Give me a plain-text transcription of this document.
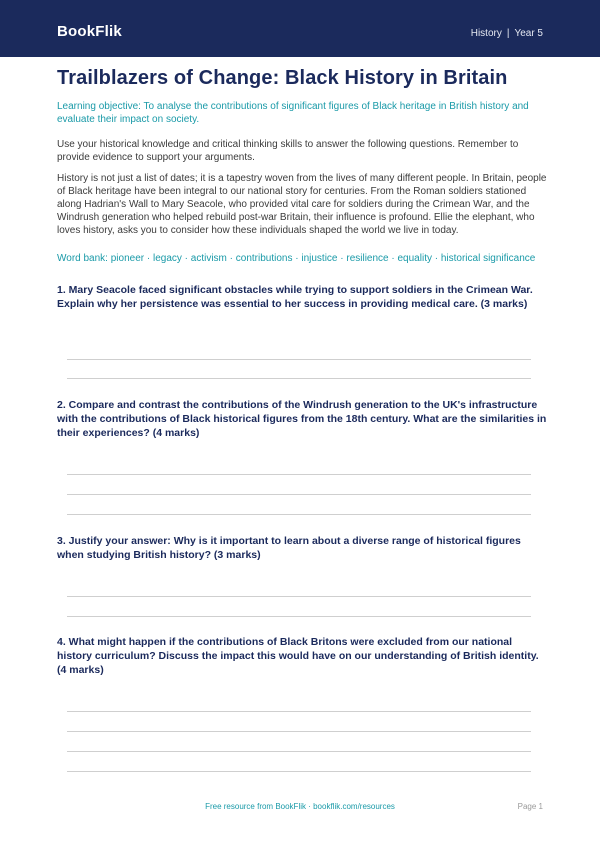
BookFlik	History | Year 5
Trailblazers of Change: Black History in Britain
Learning objective: To analyse the contributions of significant figures of Black heritage in British history and evaluate their impact on society.
Use your historical knowledge and critical thinking skills to answer the following questions. Remember to provide evidence to support your arguments.
History is not just a list of dates; it is a tapestry woven from the lives of many different people. In Britain, people of Black heritage have been integral to our national story for centuries. From the Roman soldiers stationed along Hadrian's Wall to Mary Seacole, who provided vital care for soldiers during the Crimean War, and the Windrush generation who helped rebuild post-war Britain, their influence is profound. Ellie the elephant, who loves history, asks you to consider how these individuals shaped the world we live in today.
Word bank: pioneer · legacy · activism · contributions · injustice · resilience · equality · historical significance
1. Mary Seacole faced significant obstacles while trying to support soldiers in the Crimean War. Explain why her persistence was essential to her success in providing medical care. (3 marks)
2. Compare and contrast the contributions of the Windrush generation to the UK's infrastructure with the contributions of Black historical figures from the 18th century. What are the similarities in their experiences? (4 marks)
3. Justify your answer: Why is it important to learn about a diverse range of historical figures when studying British history? (3 marks)
4. What might happen if the contributions of Black Britons were excluded from our national history curriculum? Discuss the impact this would have on our understanding of British identity. (4 marks)
Free resource from BookFlik · bookflik.com/resources	Page 1
